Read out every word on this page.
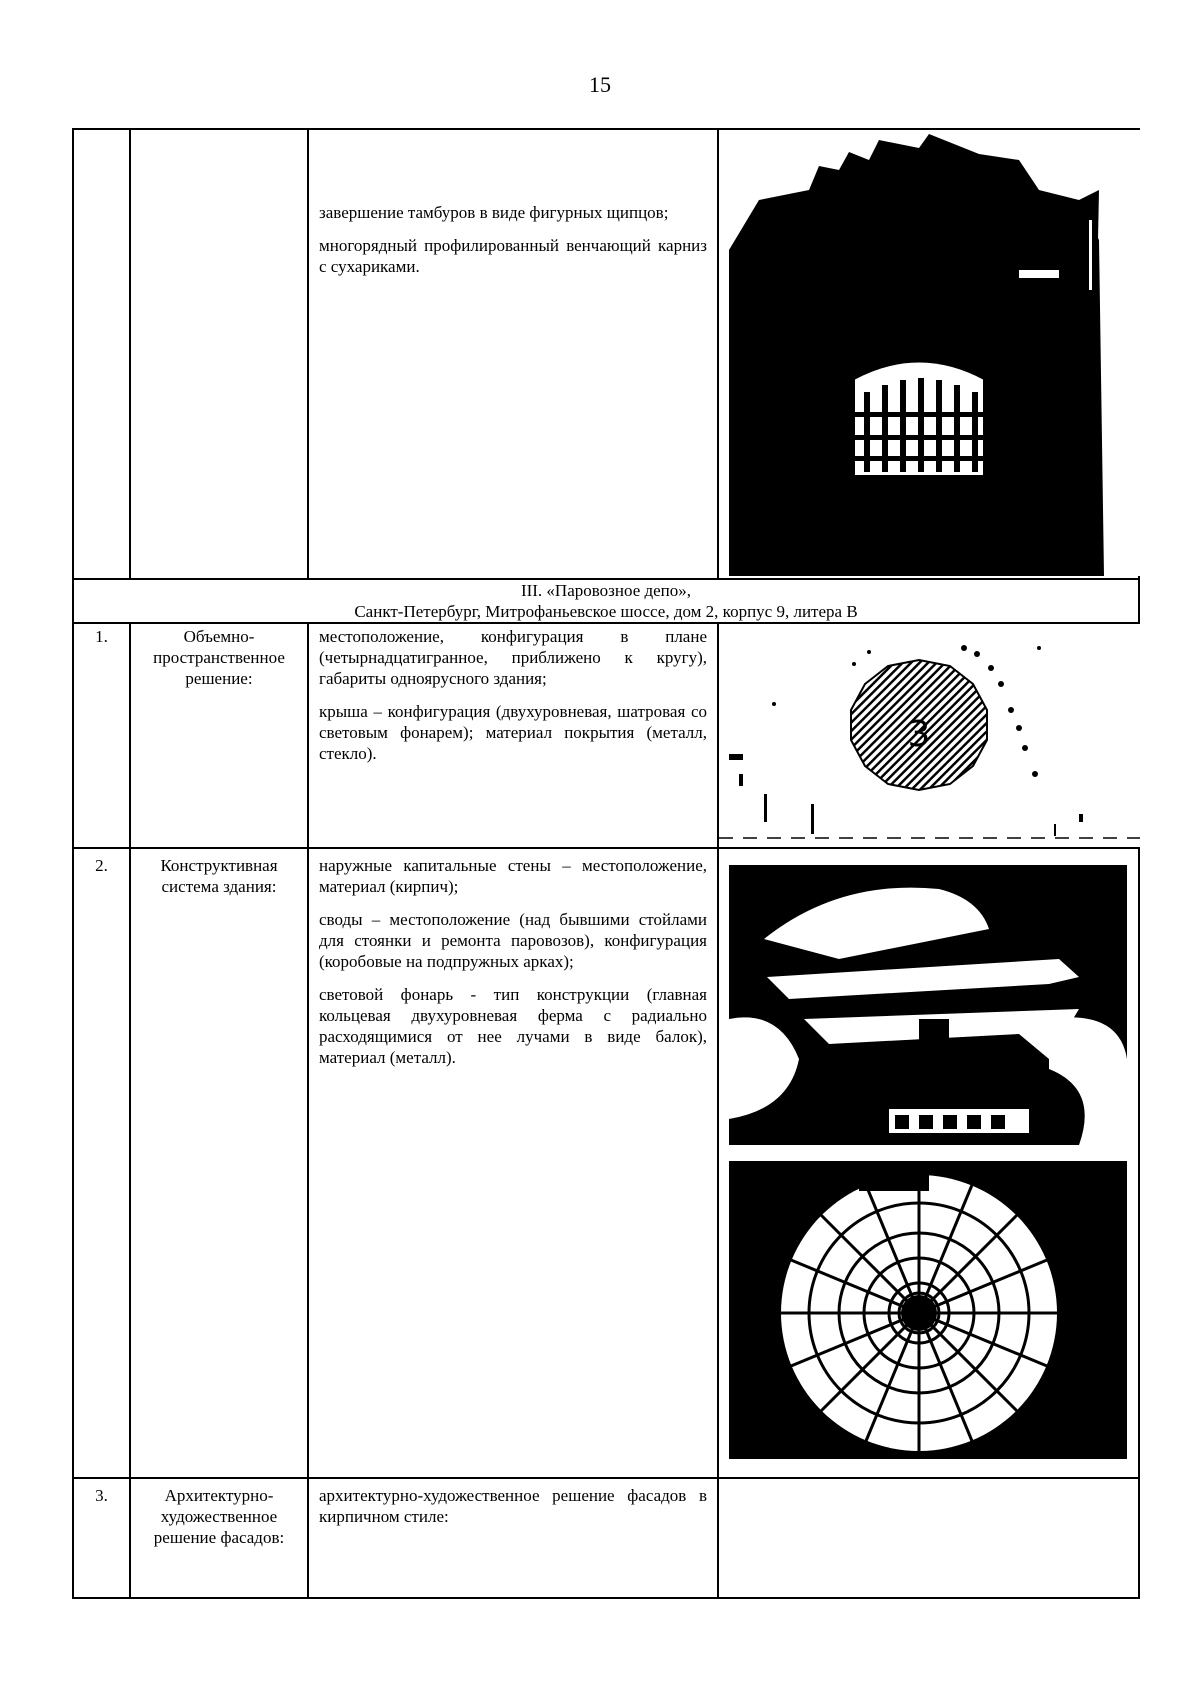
15

		завершение тамбуров в виде фигурных щипцов;

многорядный профилированный венчающий карниз с сухариками.

III. «Паровозное депо»,
Санкт-Петербург, Митрофаньевское шоссе, дом 2, корпус 9, литера В			

1.	Объемно-пространственное решение:	местоположение, конфигурация в плане (четырнадцатигранное, приближено к кругу), габариты одноярусного здания;

крыша – конфигурация (двухуровневая, шатровая со световым фонарем); материал покрытия (металл, стекло).	3

2.	Конструктивная система здания:	наружные капитальные стены – местоположение, материал (кирпич);

своды – местоположение (над бывшими стойлами для стоянки и ремонта паровозов), конфигурация (коробовые на подпружных арках);

световой фонарь - тип конструкции (главная кольцевая двухуровневая ферма с радиально расходящимися от нее лучами в виде балок), материал (металл).

3.	Архитектурно-художественное решение фасадов:	архитектурно-художественное решение фасадов в кирпичном стиле:	
